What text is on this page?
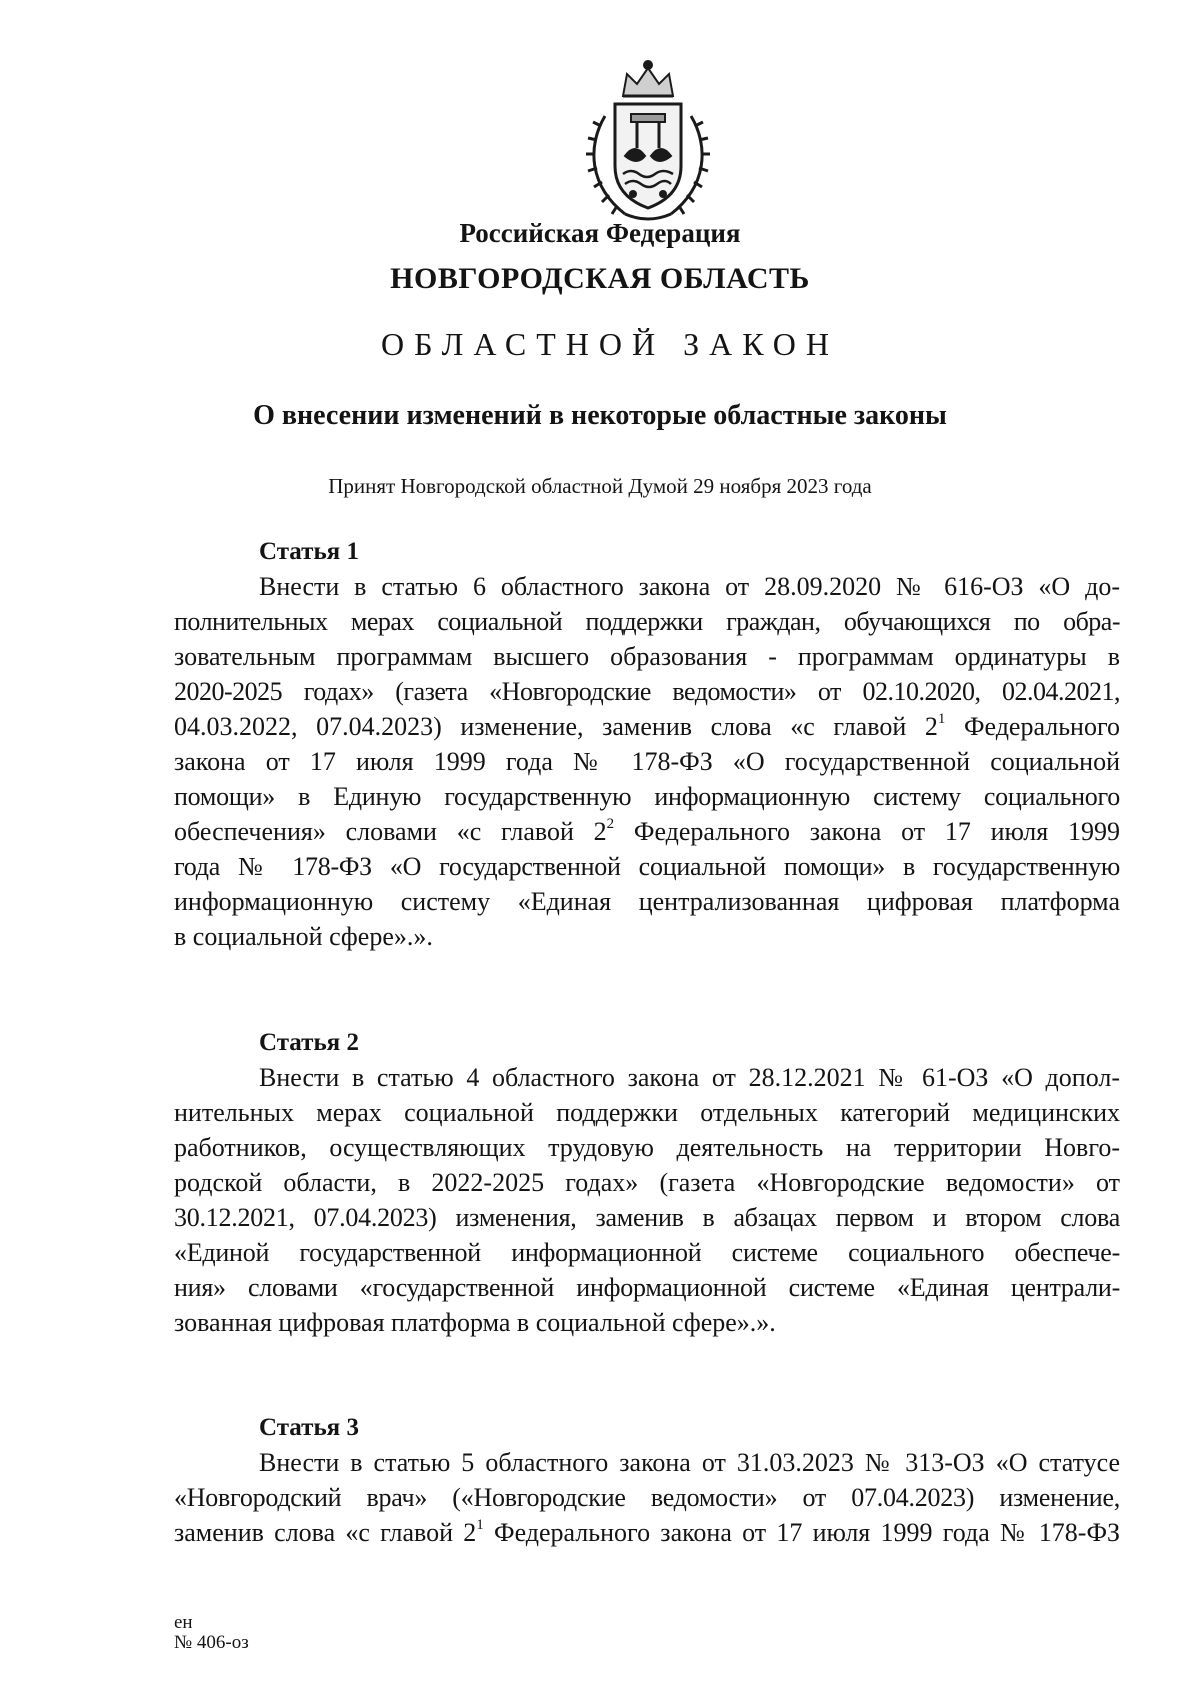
Российская Федерация
НОВГОРОДСКАЯ ОБЛАСТЬ
ОБЛАСТНОЙ ЗАКОН
О внесении изменений в некоторые областные законы
Принят Новгородской областной Думой 29 ноября 2023 года
Статья 1
Внести в статью 6 областного закона от 28.09.2020 № 616-ОЗ «О до-
полнительных мерах социальной поддержки граждан, обучающихся по обра-
зовательным программам высшего образования - программам ординатуры в
2020-2025 годах» (газета «Новгородские ведомости» от 02.10.2020, 02.04.2021,
04.03.2022, 07.04.2023) изменение, заменив слова «с главой $2^1$ Федерального
закона от 17 июля 1999 года № 178-ФЗ «О государственной социальной
помощи» в Единую государственную информационную систему социального
обеспечения» словами «с главой $2^2$ Федерального закона от 17 июля 1999
года № 178-ФЗ «О государственной социальной помощи» в государственную
информационную систему «Единая централизованная цифровая платформа
в социальной сфере».».
Статья 2
Внести в статью 4 областного закона от 28.12.2021 № 61-ОЗ «О допол-
нительных мерах социальной поддержки отдельных категорий медицинских
работников, осуществляющих трудовую деятельность на территории Новго-
родской области, в 2022-2025 годах» (газета «Новгородские ведомости» от
30.12.2021, 07.04.2023) изменения, заменив в абзацах первом и втором слова
«Единой государственной информационной системе социального обеспече-
ния» словами «государственной информационной системе «Единая централи-
зованная цифровая платформа в социальной сфере».».
Статья 3
Внести в статью 5 областного закона от 31.03.2023 № 313-ОЗ «О статусе
«Новгородский врач» («Новгородские ведомости» от 07.04.2023) изменение,
заменив слова «с главой $2^1$ Федерального закона от 17 июля 1999 года № 178-ФЗ
ен
№ 406-оз
